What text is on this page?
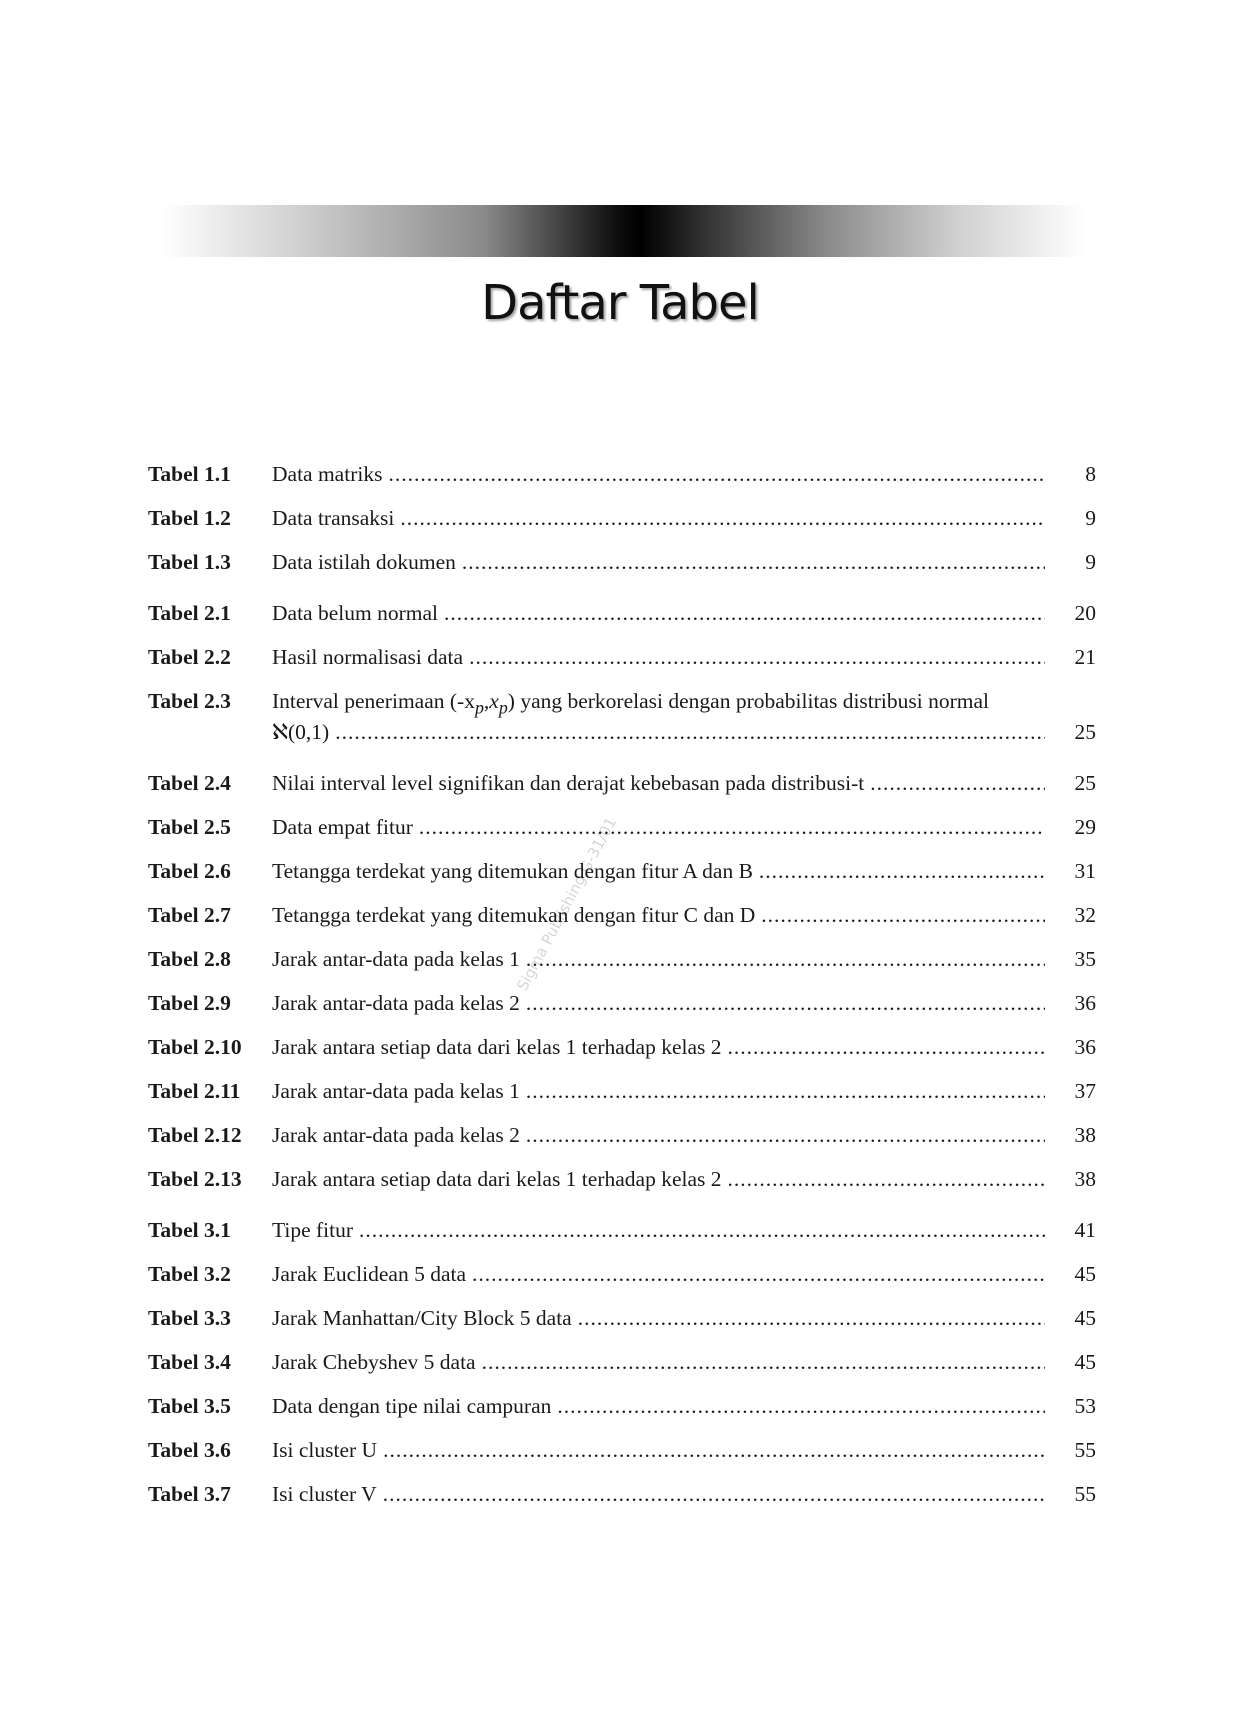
Daftar Tabel
Sigma Publishing G-31/01
Tabel 1.1 Data matriks .....	8
Tabel 1.2 Data transaksi .....	9
Tabel 1.3 Data istilah dokumen .....	9
Tabel 2.1 Data belum normal .....	20
Tabel 2.2 Hasil normalisasi data .....	21
Tabel 2.3 Interval penerimaan $(-x_p,x_p)$ yang berkorelasi dengan probabilitas distribusi normal
ℵ(0,1) .....	25
Tabel 2.4 Nilai interval level signifikan dan derajat kebebasan pada distribusi-t .....	25
Tabel 2.5 Data empat fitur .....	29
Tabel 2.6 Tetangga terdekat yang ditemukan dengan fitur A dan B .....	31
Tabel 2.7 Tetangga terdekat yang ditemukan dengan fitur C dan D .....	32
Tabel 2.8 Jarak antar-data pada kelas 1 .....	35
Tabel 2.9 Jarak antar-data pada kelas 2 .....	36
Tabel 2.10 Jarak antara setiap data dari kelas 1 terhadap kelas 2 .....	36
Tabel 2.11 Jarak antar-data pada kelas 1 .....	37
Tabel 2.12 Jarak antar-data pada kelas 2 .....	38
Tabel 2.13 Jarak antara setiap data dari kelas 1 terhadap kelas 2 .....	38
Tabel 3.1 Tipe fitur .....	41
Tabel 3.2 Jarak Euclidean 5 data .....	45
Tabel 3.3 Jarak Manhattan/City Block 5 data .....	45
Tabel 3.4 Jarak Chebyshev 5 data .....	45
Tabel 3.5 Data dengan tipe nilai campuran .....	53
Tabel 3.6 Isi cluster U .....	55
Tabel 3.7 Isi cluster V .....	55
